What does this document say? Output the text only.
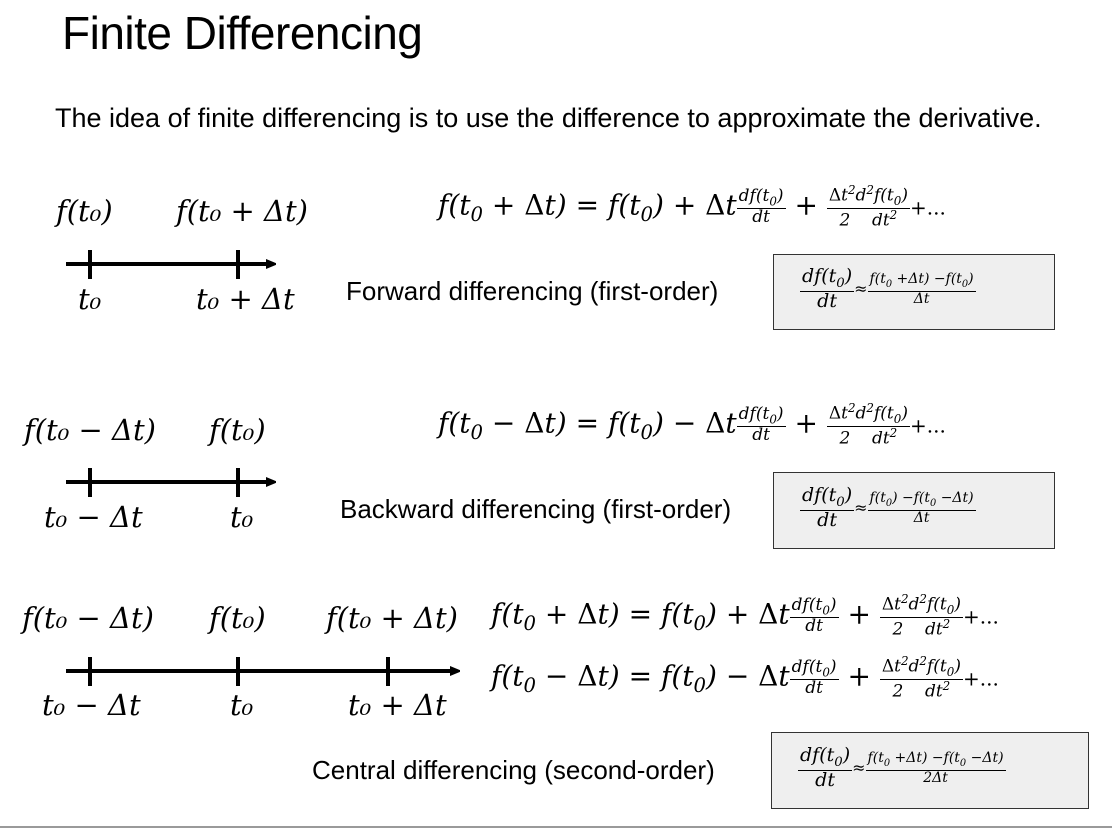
Finite Differencing
The idea of finite differencing is to use the difference to approximate the derivative.
f(t₀) f(t₀ + Δt)
t₀	t₀ + Δt
$f(t_0 + \Delta t) = f(t_0) + \Delta t \frac{df(t_0)}{dt} + \frac{\Delta t^2d^2f(t_0)}{2 dt^2}$ +...
Forward differencing (first-order)	$\frac{df(t_0)}{dt} \approx \frac{f(t_0 +\Delta t) -f(t_0)}{\Delta t}$
f(t₀ − Δt) f(t₀)
t₀ − Δt	t₀
$f(t_0 - \Delta t) = f(t_0) - \Delta t \frac{df(t_0)}{dt} + \frac{\Delta t^2d^2f(t_0)}{2 dt^2}$ +...
Backward differencing (first-order)	$\frac{df(t_0)}{dt} \approx \frac{f(t_0) -f(t_0 -\Delta t)}{\Delta t}$
f(t₀ − Δt) f(t₀) f(t₀ + Δt)
t₀ − Δt	t₀	t₀ + Δt
$f(t_0 + \Delta t) = f(t_0) + \Delta t \frac{df(t_0)}{dt} + \frac{\Delta t^2d^2f(t_0)}{2 dt^2}$ +...
$f(t_0 - \Delta t) = f(t_0) - \Delta t \frac{df(t_0)}{dt} + \frac{\Delta t^2d^2f(t_0)}{2 dt^2}$ +...
Central differencing (second-order)	$\frac{df(t_0)}{dt} \approx \frac{f(t_0 +\Delta t) -f(t_0 -\Delta t)}{2\Delta t}$
